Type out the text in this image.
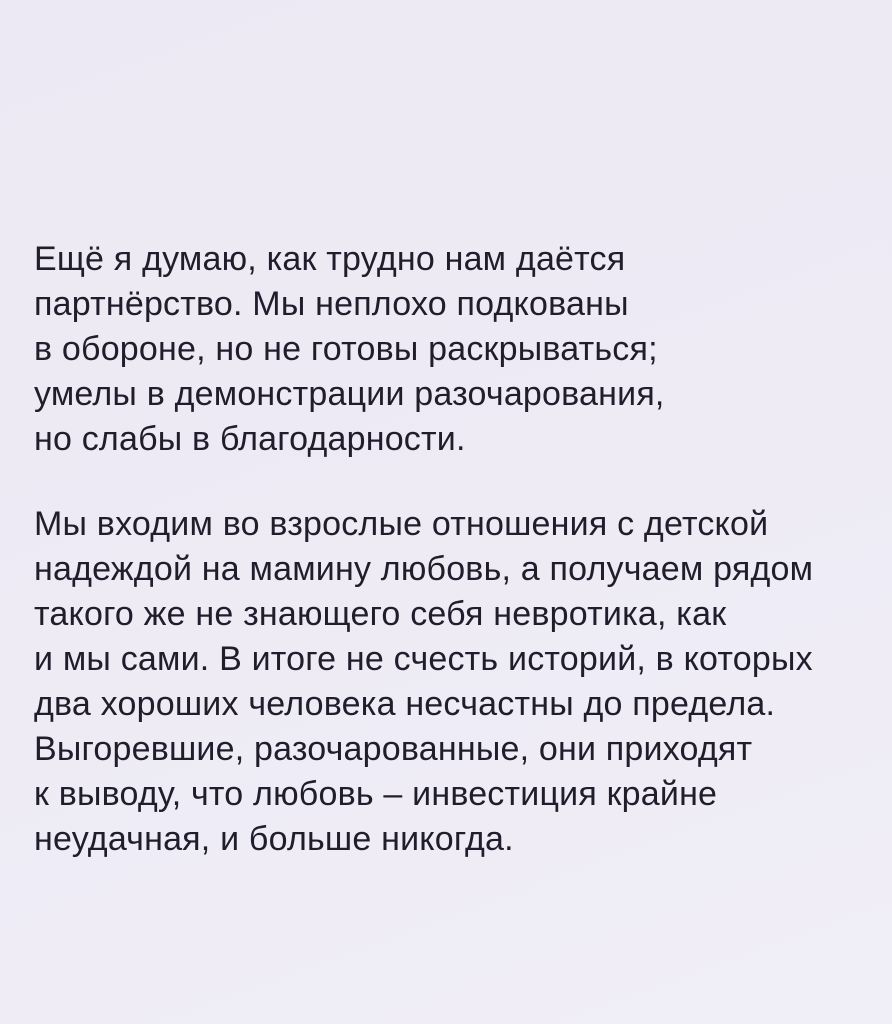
Ещё я думаю, как трудно нам даётся
партнёрство. Мы неплохо подкованы
в обороне, но не готовы раскрываться;
умелы в демонстрации разочарования,
но слабы в благодарности.
Мы входим во взрослые отношения с детской
надеждой на мамину любовь, а получаем рядом
такого же не знающего себя невротика, как
и мы сами. В итоге не счесть историй, в которых
два хороших человека несчастны до предела.
Выгоревшие, разочарованные, они приходят
к выводу, что любовь – инвестиция крайне
неудачная, и больше никогда.
